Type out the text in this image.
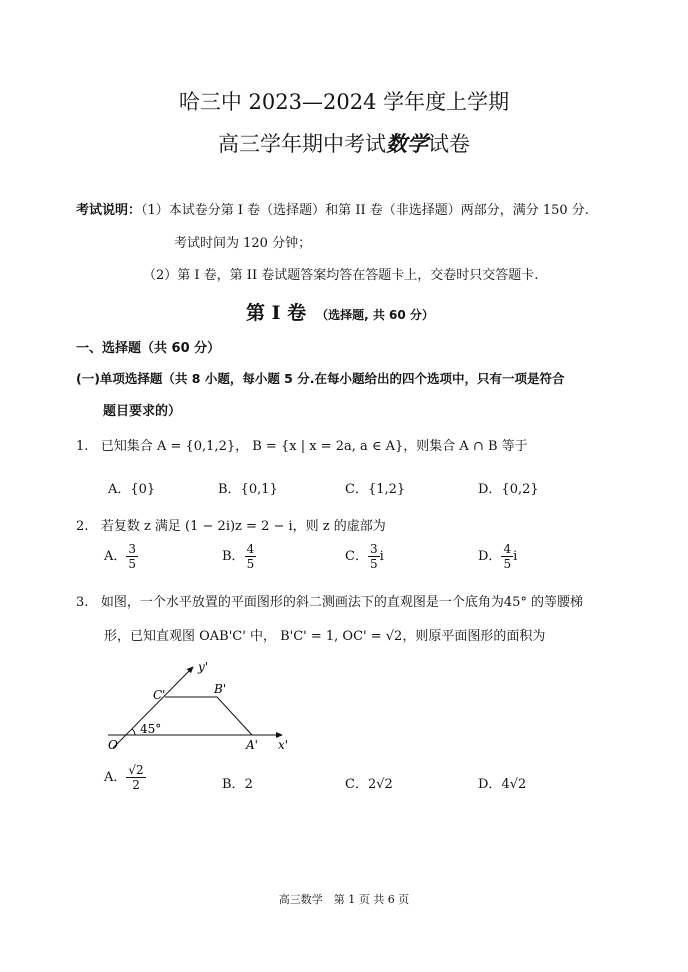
哈三中 2023—2024 学年度上学期
高三学年期中考试数学试卷
考试说明：（1）本试卷分第 I 卷（选择题）和第 II 卷（非选择题）两部分，满分 150 分.
考试时间为 120 分钟；
（2）第 I 卷，第 II 卷试题答案均答在答题卡上，交卷时只交答题卡.
第 I 卷 （选择题, 共 60 分）
一、选择题（共 60 分）
(一)单项选择题（共 8 小题，每小题 5 分.在每小题给出的四个选项中，只有一项是符合
题目要求的）
1. 已知集合 A = {0,1,2}， B = {x | x = 2a, a ∈ A}，则集合 A ∩ B 等于
A．{0}	B．{0,1}	C．{1,2}	D．{0,2}
2. 若复数 z 满足 (1 − 2i)z = 2 − i，则 z 的虚部为
A． $\frac{3}{5}$	B． $\frac{4}{5}$	C． $\frac{3}{5}$ i	D． $\frac{4}{5}$ i
3. 如图，一个水平放置的平面图形的斜二测画法下的直观图是一个底角为45° 的等腰梯
形，已知直观图 OAB'C' 中， B'C' = 1, OC' = √2，则原平面图形的面积为
y'
C'	B'
45°
O	A' x'
A． $\frac{√2}{2}$	B．2	C．2√2	D．4√2
高三数学　第 1 页 共 6 页
